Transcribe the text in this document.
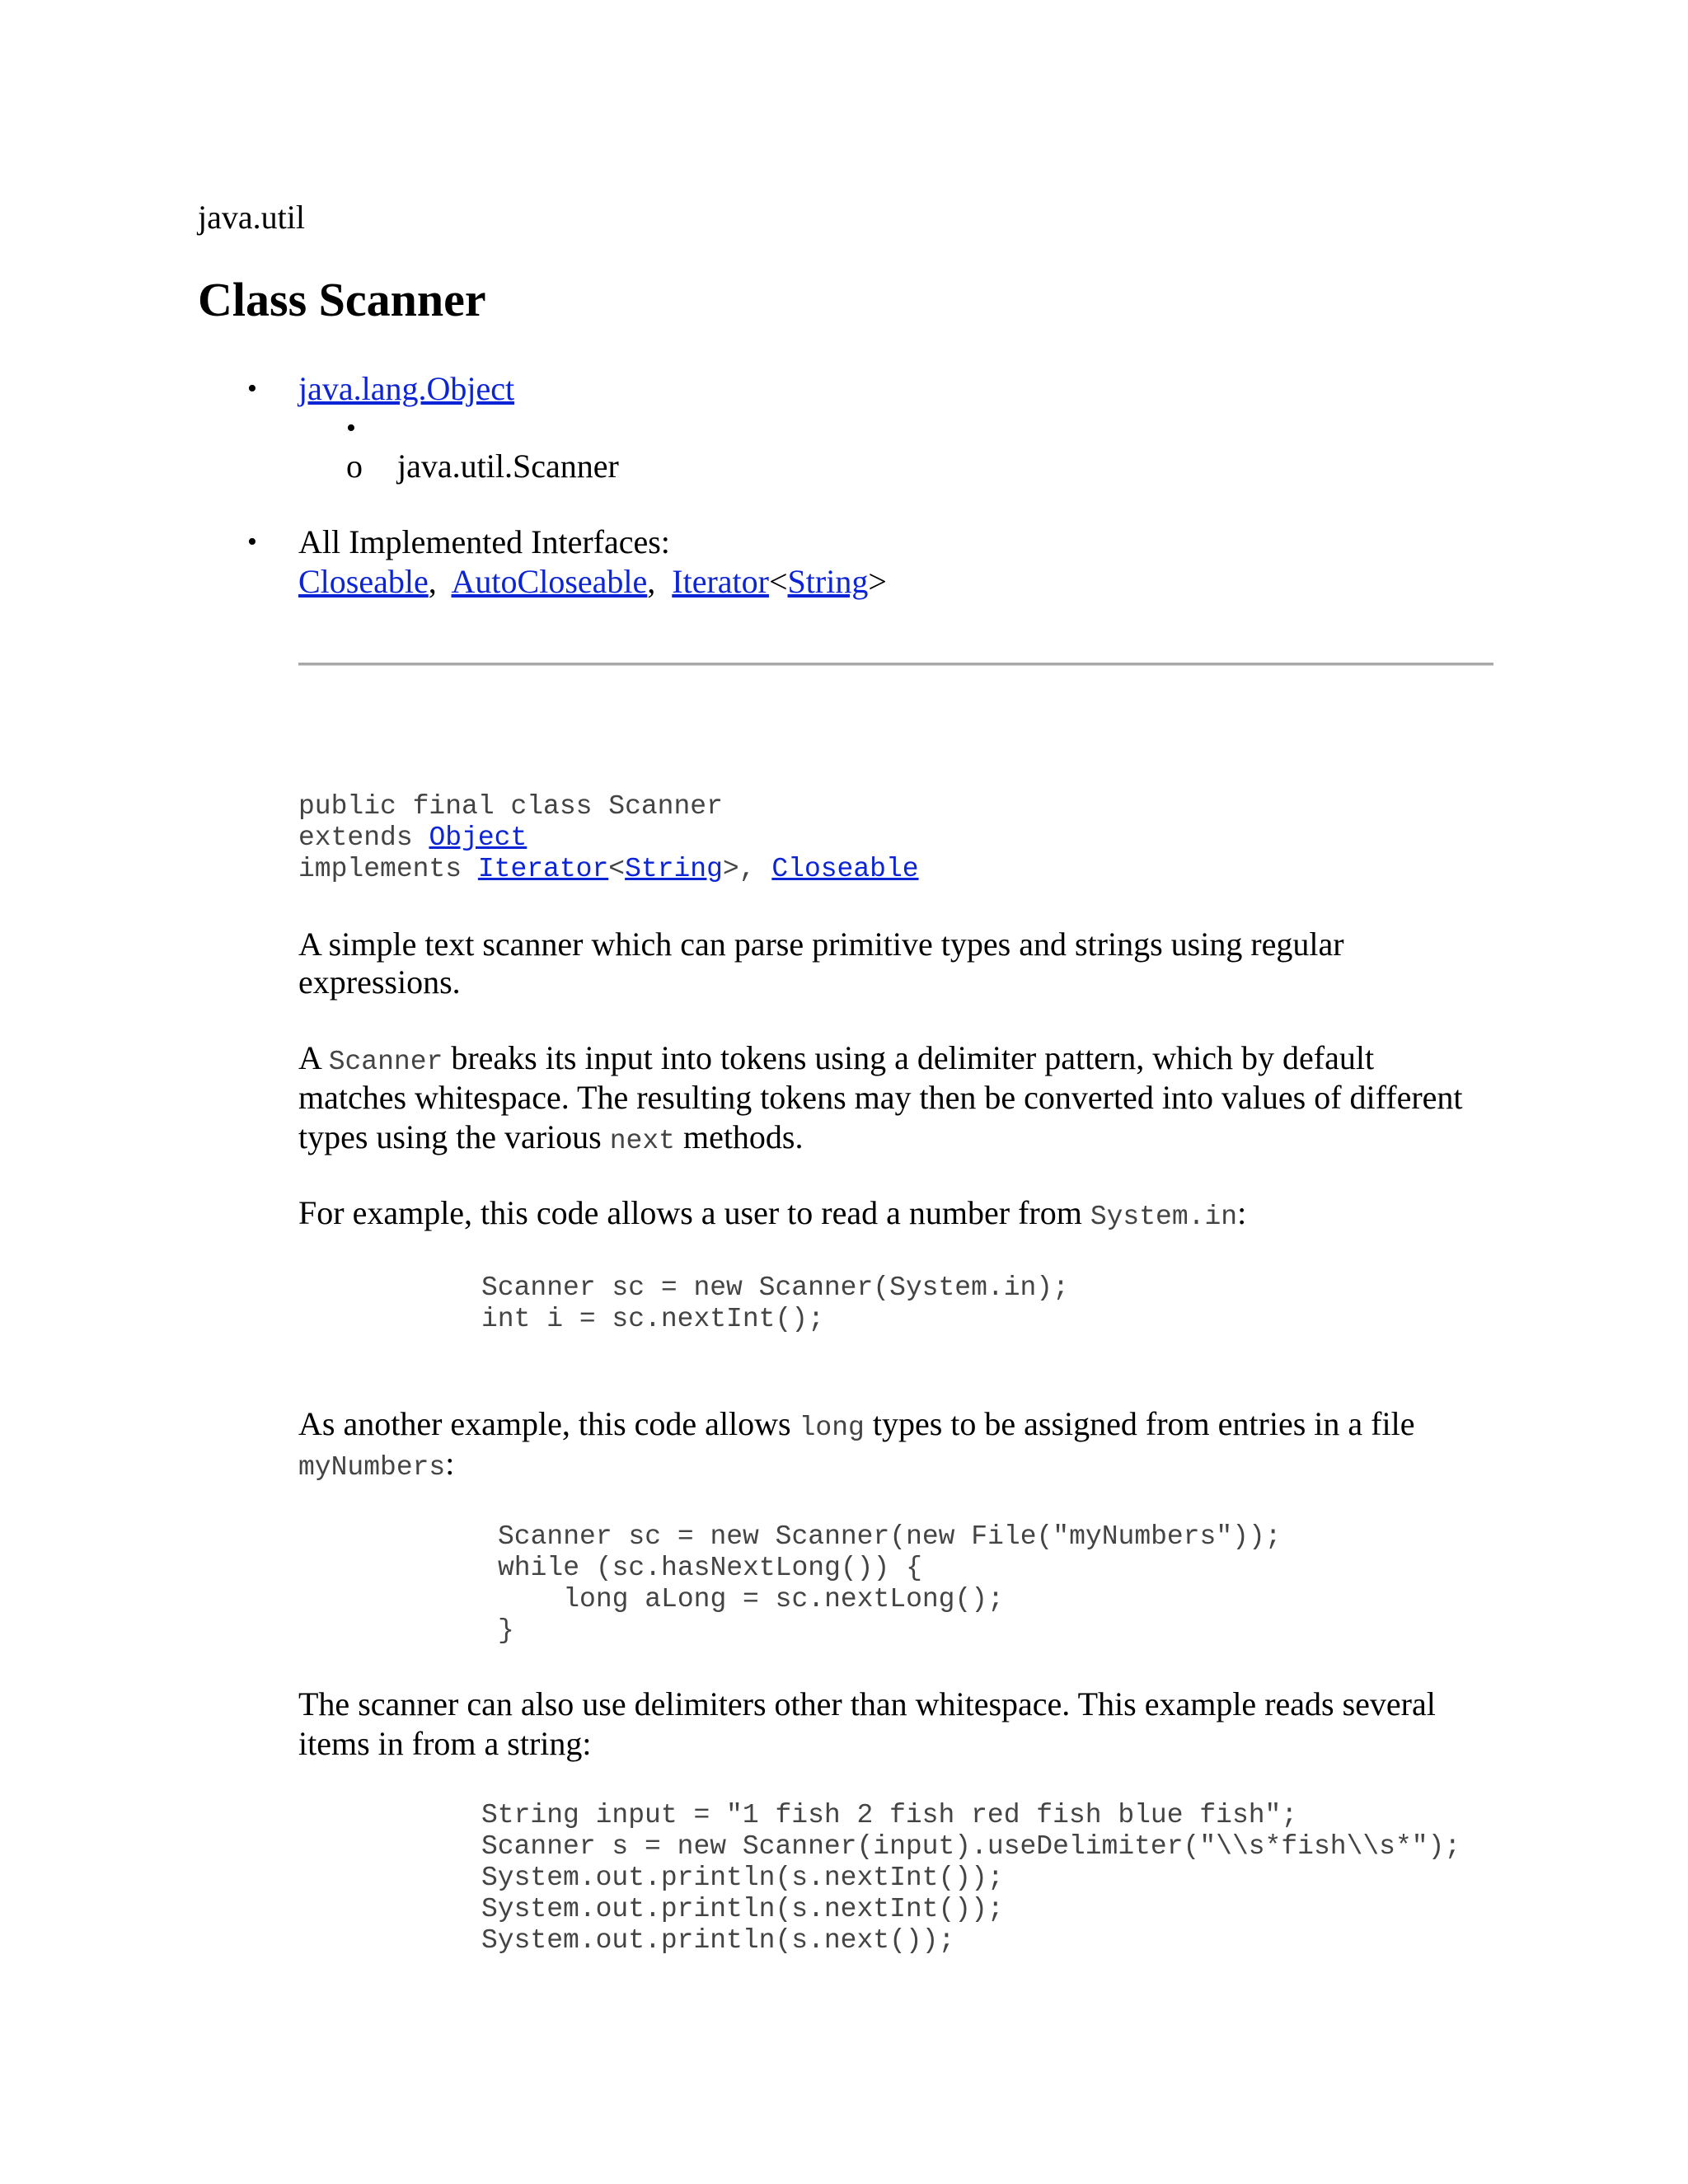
java.util
Class Scanner
• java.lang.Object
•
o java.util.Scanner
• All Implemented Interfaces:
Closeable, AutoCloseable, Iterator<String>
public final class Scanner
extends Object
implements Iterator<String>, Closeable
A simple text scanner which can parse primitive types and strings using regular
expressions.
A Scanner breaks its input into tokens using a delimiter pattern, which by default
matches whitespace. The resulting tokens may then be converted into values of different
types using the various next methods.
For example, this code allows a user to read a number from System.in:
Scanner sc = new Scanner(System.in);
int i = sc.nextInt();
As another example, this code allows long types to be assigned from entries in a file
myNumbers:
Scanner sc = new Scanner(new File("myNumbers"));
while (sc.hasNextLong()) {
long aLong = sc.nextLong();
}
The scanner can also use delimiters other than whitespace. This example reads several
items in from a string:
String input = "1 fish 2 fish red fish blue fish";
Scanner s = new Scanner(input).useDelimiter("\\s*fish\\s*");
System.out.println(s.nextInt());
System.out.println(s.nextInt());
System.out.println(s.next());
